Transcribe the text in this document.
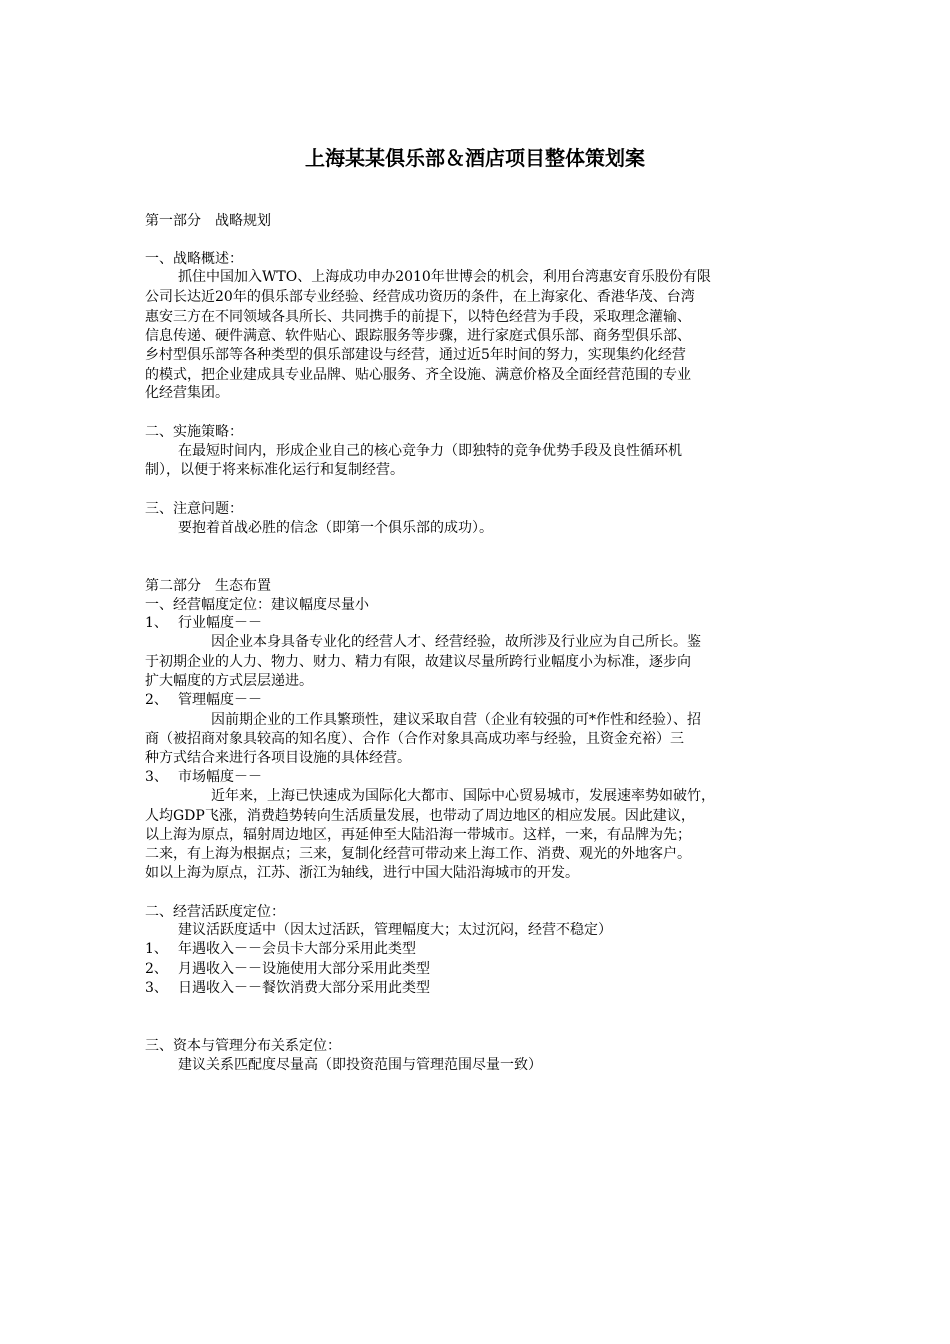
上海某某俱乐部＆酒店项目整体策划案
第一部分　战略规划
一、战略概述：
抓住中国加入WTO、上海成功申办2010年世博会的机会，利用台湾惠安育乐股份有限
公司长达近20年的俱乐部专业经验、经营成功资历的条件，在上海家化、香港华茂、台湾
惠安三方在不同领域各具所长、共同携手的前提下，以特色经营为手段，采取理念灌输、
信息传递、硬件满意、软件贴心、跟踪服务等步骤，进行家庭式俱乐部、商务型俱乐部、
乡村型俱乐部等各种类型的俱乐部建设与经营，通过近5年时间的努力，实现集约化经营
的模式，把企业建成具专业品牌、贴心服务、齐全设施、满意价格及全面经营范围的专业
化经营集团。
二、实施策略：
在最短时间内，形成企业自己的核心竞争力（即独特的竞争优势手段及良性循环机
制），以便于将来标准化运行和复制经营。
三、注意问题：
要抱着首战必胜的信念（即第一个俱乐部的成功）。
第二部分　生态布置
一、经营幅度定位：建议幅度尽量小
1、 行业幅度－－
因企业本身具备专业化的经营人才、经营经验，故所涉及行业应为自己所长。鉴
于初期企业的人力、物力、财力、精力有限，故建议尽量所跨行业幅度小为标准，逐步向
扩大幅度的方式层层递进。
2、 管理幅度－－
因前期企业的工作具繁琐性，建议采取自营（企业有较强的可*作性和经验）、招
商（被招商对象具较高的知名度）、合作（合作对象具高成功率与经验，且资金充裕）三
种方式结合来进行各项目设施的具体经营。
3、 市场幅度－－
近年来，上海已快速成为国际化大都市、国际中心贸易城市，发展速率势如破竹，
人均GDP飞涨，消费趋势转向生活质量发展，也带动了周边地区的相应发展。因此建议，
以上海为原点，辐射周边地区，再延伸至大陆沿海一带城市。这样，一来，有品牌为先；
二来，有上海为根据点；三来，复制化经营可带动来上海工作、消费、观光的外地客户。
如以上海为原点，江苏、浙江为轴线，进行中国大陆沿海城市的开发。
二、经营活跃度定位：
建议活跃度适中（因太过活跃，管理幅度大；太过沉闷，经营不稳定）
1、 年遇收入－－会员卡大部分采用此类型
2、 月遇收入－－设施使用大部分采用此类型
3、 日遇收入－－餐饮消费大部分采用此类型
三、资本与管理分布关系定位：
建议关系匹配度尽量高（即投资范围与管理范围尽量一致）
